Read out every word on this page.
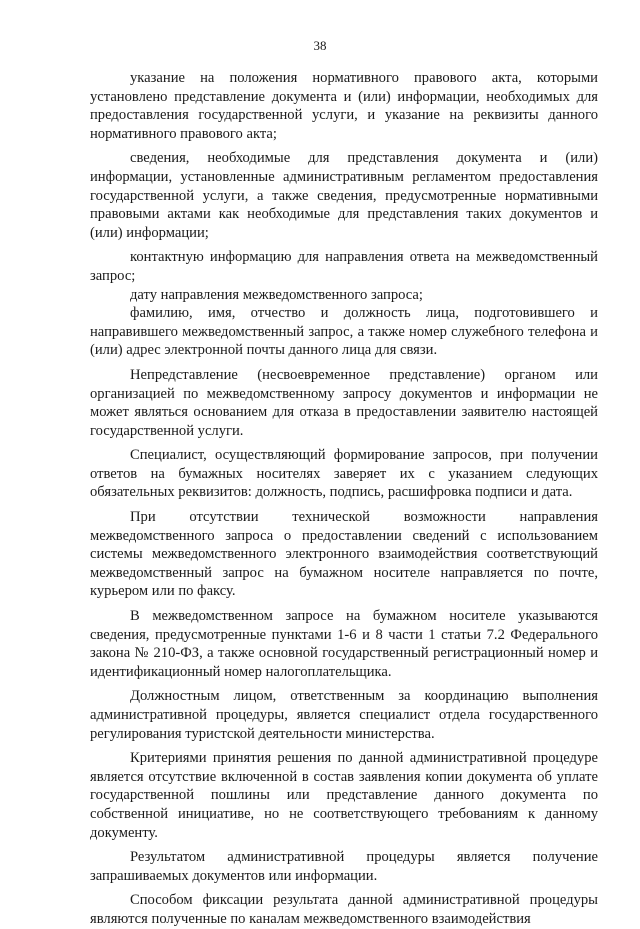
38

указание на положения нормативного правового акта, которыми установлено представление документа и (или) информации, необходимых для предоставления государственной услуги, и указание на реквизиты данного нормативного правового акта;

сведения, необходимые для представления документа и (или) информации, установленные административным регламентом предоставления государственной услуги, а также сведения, предусмотренные нормативными правовыми актами как необходимые для представления таких документов и (или) информации;

контактную информацию для направления ответа на межведомственный запрос;

дату направления межведомственного запроса;

фамилию, имя, отчество и должность лица, подготовившего и направившего межведомственный запрос, а также номер служебного телефона и (или) адрес электронной почты данного лица для связи.

Непредставление (несвоевременное представление) органом или организацией по межведомственному запросу документов и информации не может являться основанием для отказа в предоставлении заявителю настоящей государственной услуги.

Специалист, осуществляющий формирование запросов, при получении ответов на бумажных носителях заверяет их с указанием следующих обязательных реквизитов: должность, подпись, расшифровка подписи и дата.

При отсутствии технической возможности направления межведомственного запроса о предоставлении сведений с использованием системы межведомственного электронного взаимодействия соответствующий межведомственный запрос на бумажном носителе направляется по почте, курьером или по факсу.

В межведомственном запросе на бумажном носителе указываются сведения, предусмотренные пунктами 1-6 и 8 части 1 статьи 7.2 Федерального закона № 210-ФЗ, а также основной государственный регистрационный номер и идентификационный номер налогоплательщика.

Должностным лицом, ответственным за координацию выполнения административной процедуры, является специалист отдела государственного регулирования туристской деятельности министерства.

Критериями принятия решения по данной административной процедуре является отсутствие включенной в состав заявления копии документа об уплате государственной пошлины или представление данного документа по собственной инициативе, но не соответствующего требованиям к данному документу.

Результатом административной процедуры является получение запрашиваемых документов или информации.

Способом фиксации результата данной административной процедуры являются полученные по каналам межведомственного взаимодействия
